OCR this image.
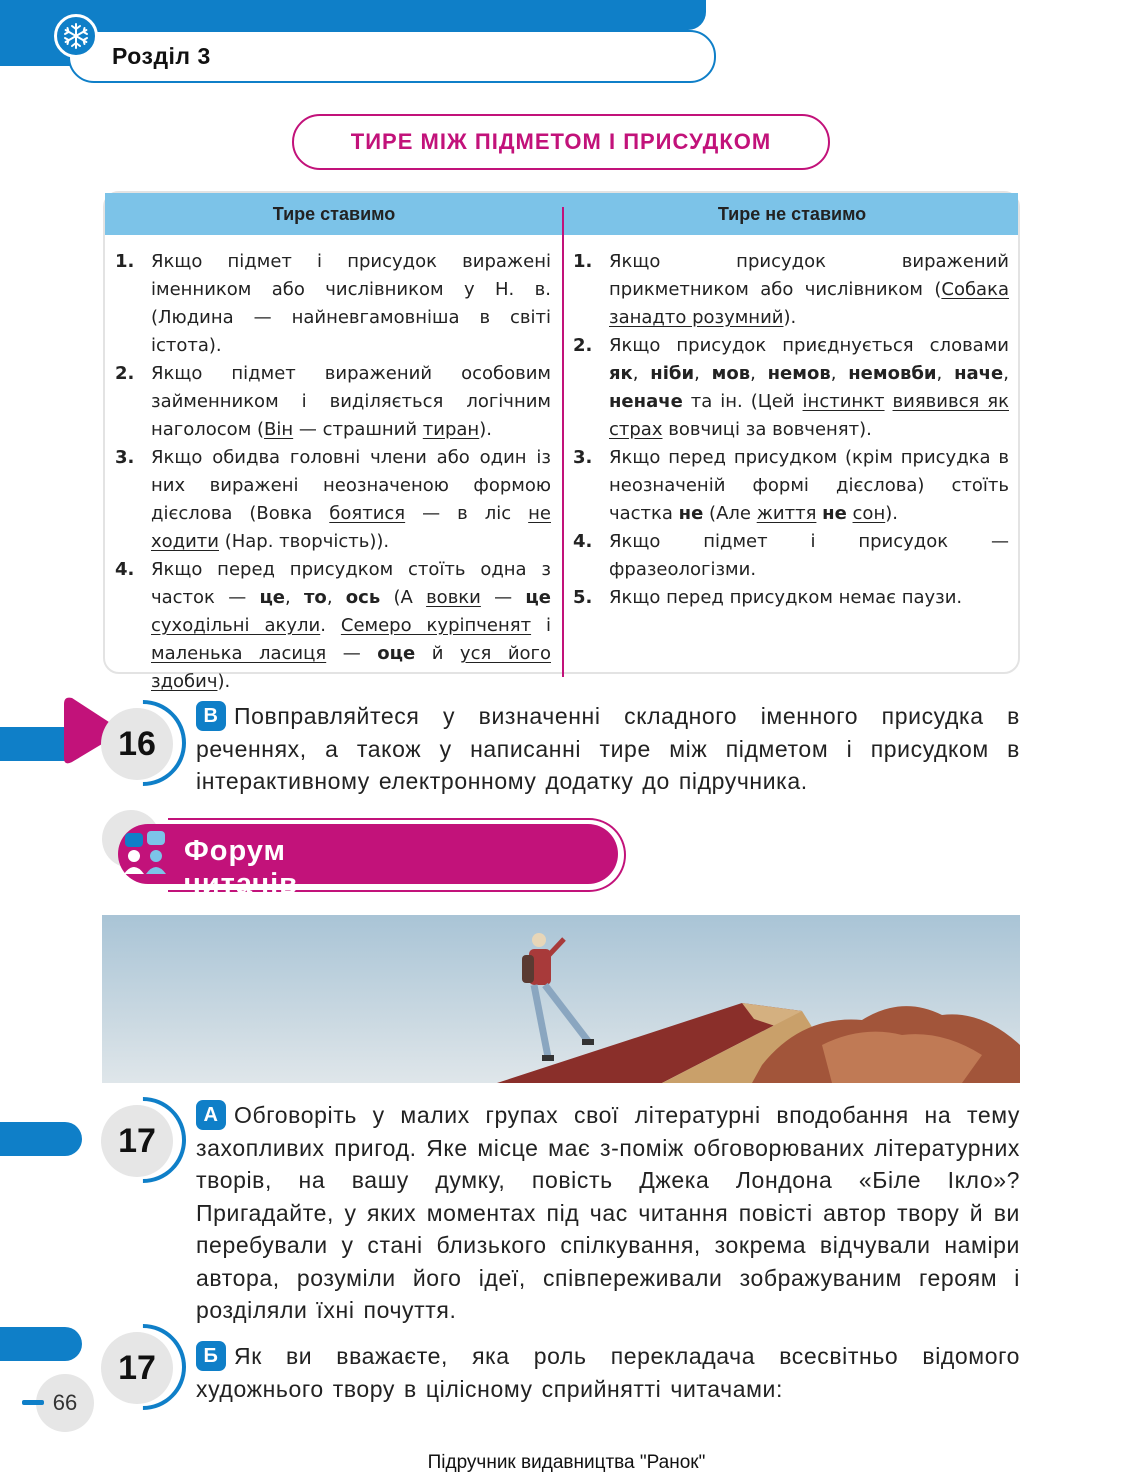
Розділ 3
ТИРЕ МІЖ ПІДМЕТОМ І ПРИСУДКОМ
Тире ставимо	Тире не ставимо
1. Якщо підмет і присудок виражені іменником або числівником у Н. в. (Людина — найневгамовніша в світі істота).
2. Якщо підмет виражений особовим займенником і виділяється логічним наголосом (Він — страшний тиран).
3. Якщо обидва головні члени або один із них виражені неозначеною формою дієслова (Вовка боятися — в ліс не ходити (Нар. творчість)).
4. Якщо перед присудком стоїть одна з часток — це, то, ось (А вовки — це суходільні акули. Семеро куріпченят і маленька ласиця — оце й уся його здобич).
1. Якщо присудок виражений прикметником або числівником (Собака занадто розумний).
2. Якщо присудок приєднується словами як, ніби, мов, немов, немовби, наче, неначе та ін. (Цей інстинкт виявився як страх вовчиці за вовченят).
3. Якщо перед присудком (крім присудка в неозначеній формі дієслова) стоїть частка не (Але життя не сон).
4. Якщо підмет і присудок — фразеологізми.
5. Якщо перед присудком немає паузи.
16
В Повправляйтеся у визначенні складного іменного присудка в реченнях, а також у написанні тире між підметом і присудком в інтерактивному електронному додатку до підручника.
Форум читачів
17
А Обговоріть у малих групах свої літературні вподобання на тему захопливих пригод. Яке місце має з-поміж обговорюваних літературних творів, на вашу думку, повість Джека Лондона «Біле Ікло»? Пригадайте, у яких моментах під час читання повісті автор твору й ви перебували у стані близького спілкування, зокрема відчували наміри автора, розуміли його ідеї, співпереживали зображуваним героям і розділяли їхні почуття.
17	Б Як ви вважаєте, яка роль перекладача всесвітньо відомого художнього твору в цілісному сприйнятті читачами:
66
Підручник видавництва "Ранок"
